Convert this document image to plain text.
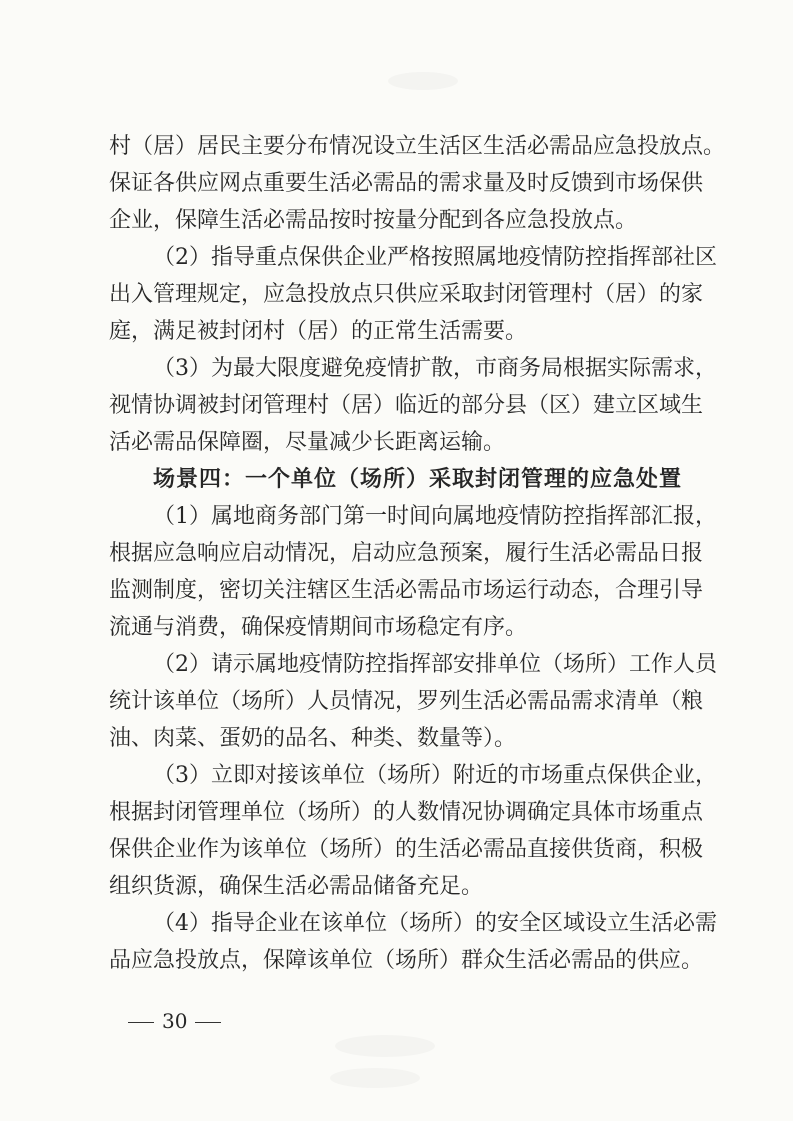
村（居）居民主要分布情况设立生活区生活必需品应急投放点。
保证各供应网点重要生活必需品的需求量及时反馈到市场保供
企业，保障生活必需品按时按量分配到各应急投放点。
（2）指导重点保供企业严格按照属地疫情防控指挥部社区
出入管理规定，应急投放点只供应采取封闭管理村（居）的家
庭，满足被封闭村（居）的正常生活需要。
（3）为最大限度避免疫情扩散，市商务局根据实际需求，
视情协调被封闭管理村（居）临近的部分县（区）建立区域生
活必需品保障圈，尽量减少长距离运输。
场景四：一个单位（场所）采取封闭管理的应急处置
（1）属地商务部门第一时间向属地疫情防控指挥部汇报，
根据应急响应启动情况，启动应急预案，履行生活必需品日报
监测制度，密切关注辖区生活必需品市场运行动态，合理引导
流通与消费，确保疫情期间市场稳定有序。
（2）请示属地疫情防控指挥部安排单位（场所）工作人员
统计该单位（场所）人员情况，罗列生活必需品需求清单（粮
油、肉菜、蛋奶的品名、种类、数量等）。
（3）立即对接该单位（场所）附近的市场重点保供企业，
根据封闭管理单位（场所）的人数情况协调确定具体市场重点
保供企业作为该单位（场所）的生活必需品直接供货商，积极
组织货源，确保生活必需品储备充足。
（4）指导企业在该单位（场所）的安全区域设立生活必需
品应急投放点，保障该单位（场所）群众生活必需品的供应。
30
